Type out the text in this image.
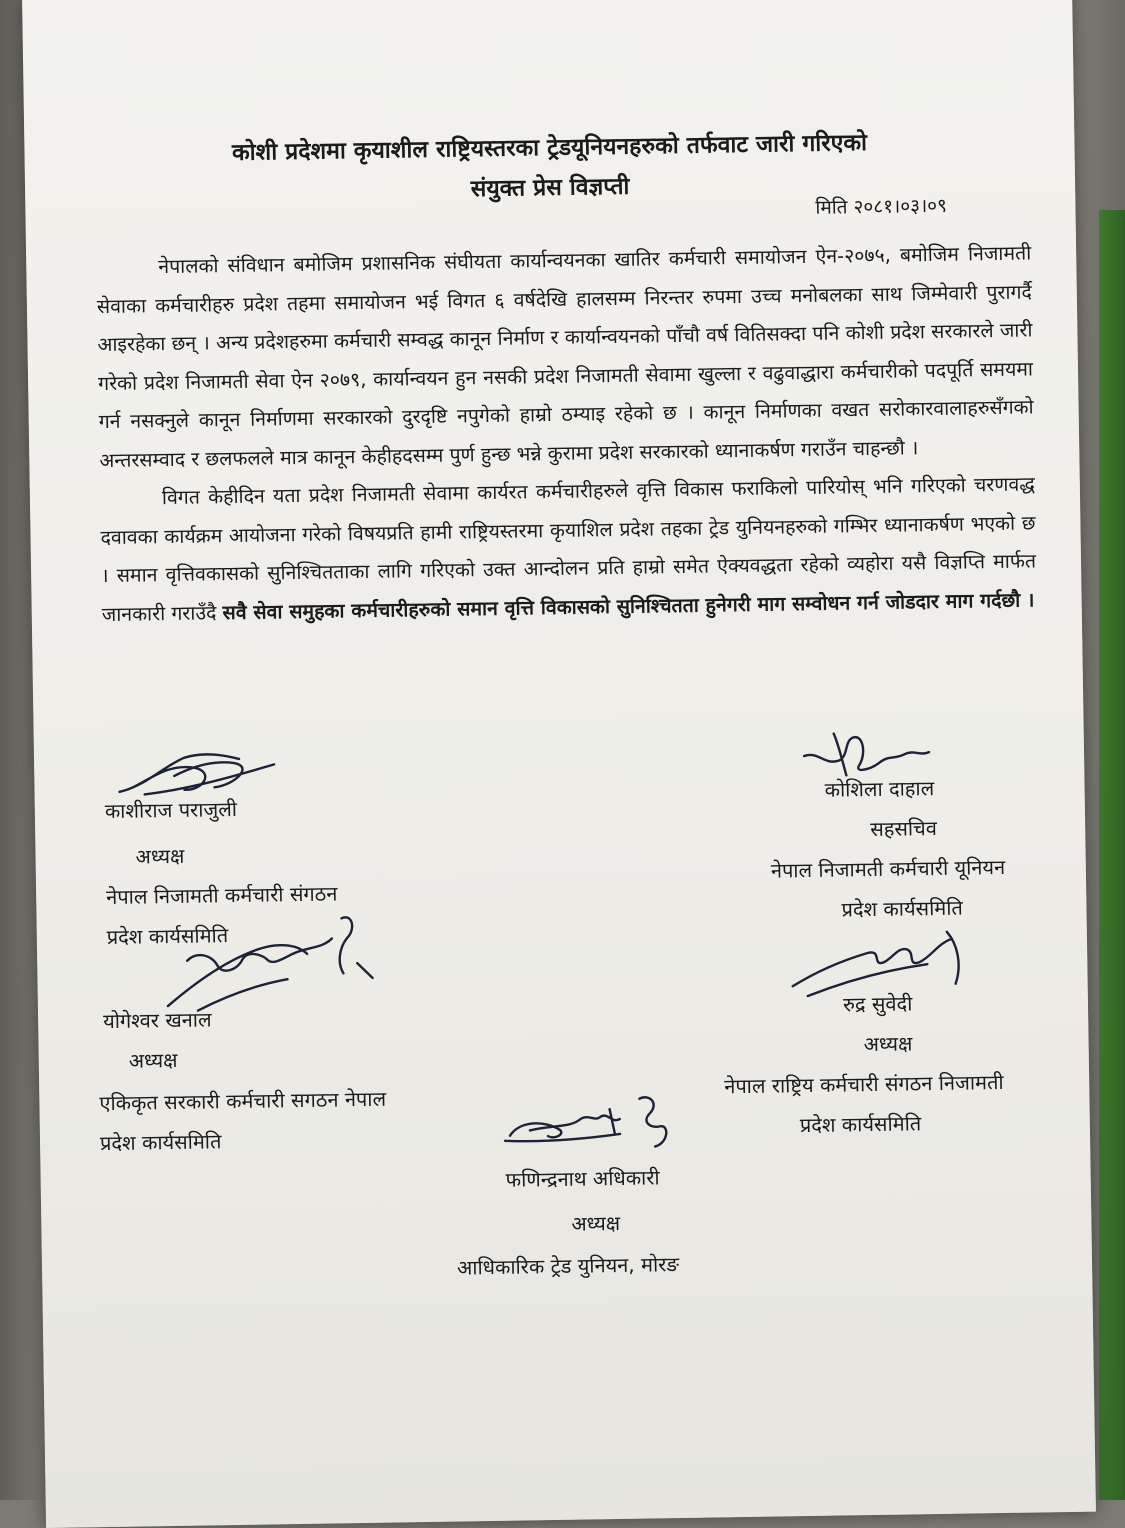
कोशी प्रदेशमा कृयाशील राष्ट्रियस्तरका ट्रेडयूनियनहरुको तर्फवाट जारी गरिएको
संयुक्त प्रेस विज्ञप्ती
मिति २०८१।०३।०९

नेपालको संविधान बमोजिम प्रशासनिक संघीयता कार्यान्वयनका खातिर कर्मचारी समायोजन ऐन-२०७५, बमोजिम निजामती सेवाका कर्मचारीहरु प्रदेश तहमा समायोजन भई विगत ६ वर्षदेखि हालसम्म निरन्तर रुपमा उच्च मनोबलका साथ जिम्मेवारी पुरागर्दै आइरहेका छन् । अन्य प्रदेशहरुमा कर्मचारी सम्वद्ध कानून निर्माण र कार्यान्वयनको पाँचौ वर्ष वितिसक्दा पनि कोशी प्रदेश सरकारले जारी गरेको प्रदेश निजामती सेवा ऐन २०७९, कार्यान्वयन हुन नसकी प्रदेश निजामती सेवामा खुल्ला र वढुवाद्धारा कर्मचारीको पदपूर्ति समयमा गर्न नसक्नुले कानून निर्माणमा सरकारको दुरदृष्टि नपुगेको हाम्रो ठम्याइ रहेको छ । कानून निर्माणका वखत सरोकारवालाहरुसँगको अन्तरसम्वाद र छलफलले मात्र कानून केहीहदसम्म पुर्ण हुन्छ भन्ने कुरामा प्रदेश सरकारको ध्यानाकर्षण गराउँन चाहन्छौ ।

विगत केहीदिन यता प्रदेश निजामती सेवामा कार्यरत कर्मचारीहरुले वृत्ति विकास फराकिलो पारियोस् भनि गरिएको चरणवद्ध दवावका कार्यक्रम आयोजना गरेको विषयप्रति हामी राष्ट्रियस्तरमा कृयाशिल प्रदेश तहका ट्रेड युनियनहरुको गम्भिर ध्यानाकर्षण भएको छ । समान वृत्तिवकासको सुनिश्चितताका लागि गरिएको उक्त आन्दोलन प्रति हाम्रो समेत ऐक्यवद्धता रहेको व्यहोरा यसै विज्ञप्ति मार्फत जानकारी गराउँदै सवै सेवा समुहका कर्मचारीहरुको समान वृत्ति विकासको सुनिश्चितता हुनेगरी माग सम्वोधन गर्न जोडदार माग गर्दछौ ।

काशीराज पराजुली
अध्यक्ष
नेपाल निजामती कर्मचारी संगठन
प्रदेश कार्यसमिति
कोशिला दाहाल
सहसचिव
नेपाल निजामती कर्मचारी यूनियन
प्रदेश कार्यसमिति
योगेश्वर खनाल
अध्यक्ष
एकिकृत सरकारी कर्मचारी सगठन नेपाल
प्रदेश कार्यसमिति
रुद्र सुवेदी
अध्यक्ष
नेपाल राष्ट्रिय कर्मचारी संगठन निजामती
प्रदेश कार्यसमिति
फणिन्द्रनाथ अधिकारी
अध्यक्ष
आधिकारिक ट्रेड युनियन, मोरङ
